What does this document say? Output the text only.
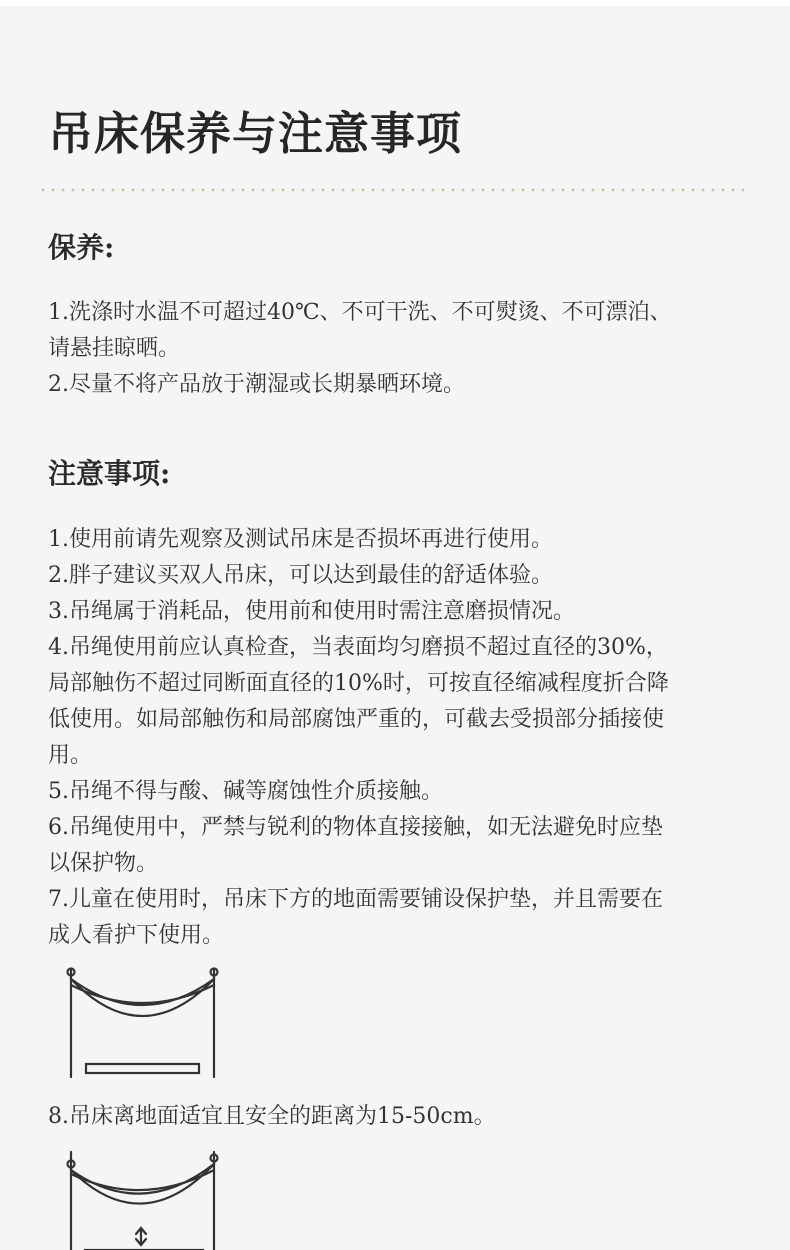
吊床保养与注意事项
保养:
1.洗涤时水温不可超过40℃、不可干洗、不可熨烫、不可漂泊、
请悬挂晾晒。
2.尽量不将产品放于潮湿或长期暴晒环境。
注意事项:
1.使用前请先观察及测试吊床是否损坏再进行使用。
2.胖子建议买双人吊床，可以达到最佳的舒适体验。
3.吊绳属于消耗品，使用前和使用时需注意磨损情况。
4.吊绳使用前应认真检查，当表面均匀磨损不超过直径的30%，
局部触伤不超过同断面直径的10%时，可按直径缩减程度折合降
低使用。如局部触伤和局部腐蚀严重的，可截去受损部分插接使
用。
5.吊绳不得与酸、碱等腐蚀性介质接触。
6.吊绳使用中，严禁与锐利的物体直接接触，如无法避免时应垫
以保护物。
7.儿童在使用时，吊床下方的地面需要铺设保护垫，并且需要在
成人看护下使用。
8.吊床离地面适宜且安全的距离为15-50cm。
